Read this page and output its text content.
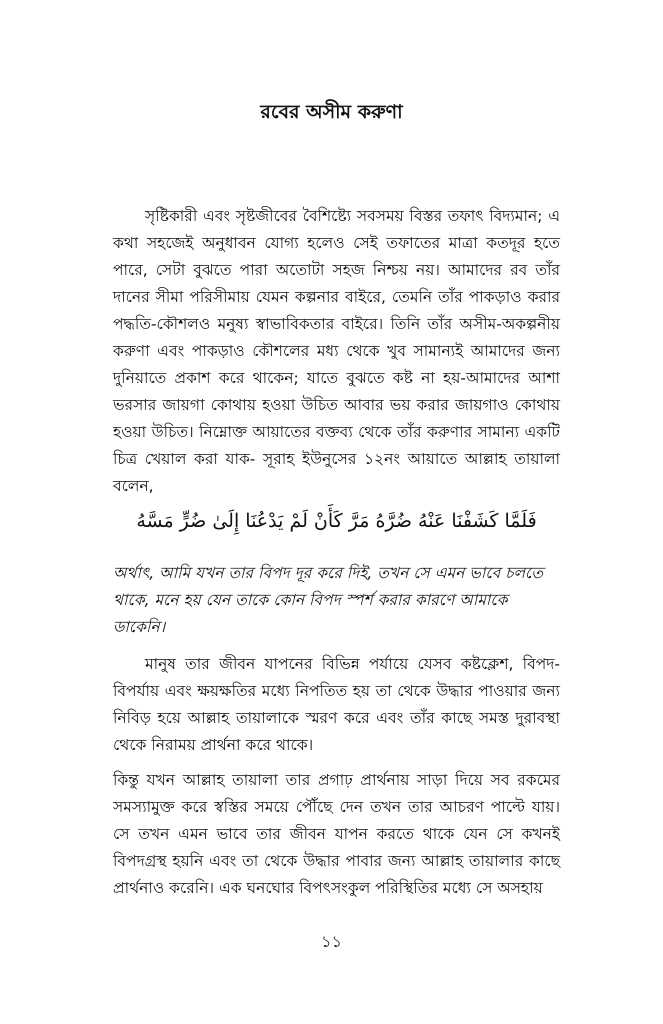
রবের অসীম করুণা

সৃষ্টিকারী এবং সৃষ্টজীবের বৈশিষ্ট্যে সবসময় বিস্তর তফাৎ বিদ্যমান; এ কথা সহজেই অনুধাবন যোগ্য হলেও সেই তফাতের মাত্রা কতদূর হতে পারে, সেটা বুঝতে পারা অতোটা সহজ নিশ্চয় নয়। আমাদের রব তাঁর দানের সীমা পরিসীমায় যেমন কল্পনার বাইরে, তেমনি তাঁর পাকড়াও করার পদ্ধতি-কৌশলও মনুষ্য স্বাভাবিকতার বাইরে। তিনি তাঁর অসীম-অকল্পনীয় করুণা এবং পাকড়াও কৌশলের মধ্য থেকে খুব সামান্যই আমাদের জন্য দুনিয়াতে প্রকাশ করে থাকেন; যাতে বুঝতে কষ্ট না হয়-আমাদের আশা ভরসার জায়গা কোথায় হওয়া উচিত আবার ভয় করার জায়গাও কোথায় হওয়া উচিত। নিম্নোক্ত আয়াতের বক্তব্য থেকে তাঁর করুণার সামান্য একটি চিত্র খেয়াল করা যাক- সূরাহ ইউনুসের ১২নং আয়াতে আল্লাহ তায়ালা বলেন,

فَلَمَّا كَشَفْنَا عَنْهُ ضُرَّهُ مَرَّ كَأَنْ لَمْ يَدْعُنَا إِلَىٰ ضُرٍّ مَسَّهُ

অর্থাৎ, আমি যখন তার বিপদ দূর করে দিই, তখন সে এমন ভাবে চলতে থাকে, মনে হয় যেন তাকে কোন বিপদ স্পর্শ করার কারণে আমাকে ডাকেনি।

মানুষ তার জীবন যাপনের বিভিন্ন পর্যায়ে যেসব কষ্টক্লেশ, বিপদ-বিপর্যায় এবং ক্ষয়ক্ষতির মধ্যে নিপতিত হয় তা থেকে উদ্ধার পাওয়ার জন্য নিবিড় হয়ে আল্লাহ তায়ালাকে স্মরণ করে এবং তাঁর কাছে সমস্ত দুরাবস্থা থেকে নিরাময় প্রার্থনা করে থাকে।

কিন্তু যখন আল্লাহ তায়ালা তার প্রগাঢ় প্রার্থনায় সাড়া দিয়ে সব রকমের সমস্যামুক্ত করে স্বস্তির সময়ে পৌঁছে দেন তখন তার আচরণ পাল্টে যায়। সে তখন এমন ভাবে তার জীবন যাপন করতে থাকে যেন সে কখনই বিপদগ্রস্থ হয়নি এবং তা থেকে উদ্ধার পাবার জন্য আল্লাহ তায়ালার কাছে প্রার্থনাও করেনি। এক ঘনঘোর বিপৎসংকুল পরিস্থিতির মধ্যে সে অসহায়

১১
